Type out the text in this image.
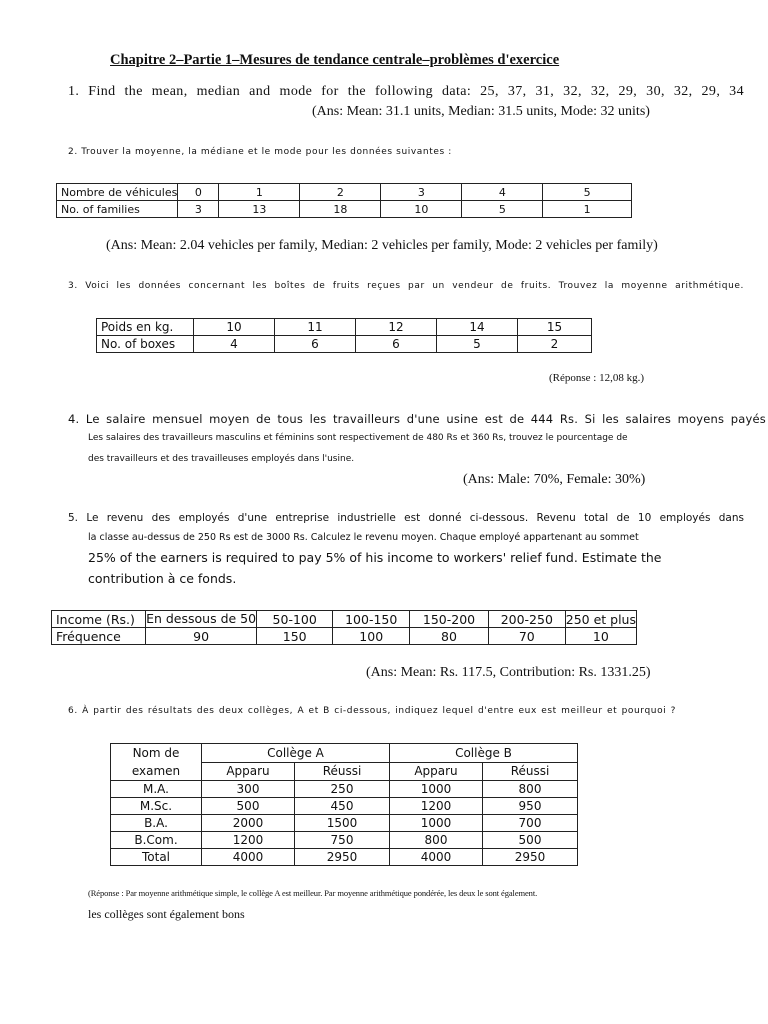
Chapitre 2–Partie 1–Mesures de tendance centrale–problèmes d'exercice
1. Find the mean, median and mode for the following data: 25, 37, 31, 32, 32, 29, 30, 32, 29, 34
(Ans: Mean: 31.1 units, Median: 31.5 units, Mode: 32 units)
2. Trouver la moyenne, la médiane et le mode pour les données suivantes :
Nombre de véhicules	0	1	2	3	4	5
No. of families	3	13	18	10	5	1
(Ans: Mean: 2.04 vehicles per family, Median: 2 vehicles per family, Mode: 2 vehicles per family)
3. Voici les données concernant les boîtes de fruits reçues par un vendeur de fruits. Trouvez la moyenne arithmétique.
Poids en kg.	10	11	12	14	15
No. of boxes	4	6	6	5	2
(Réponse : 12,08 kg.)
4. Le salaire mensuel moyen de tous les travailleurs d'une usine est de 444 Rs. Si les salaires moyens payés
Les salaires des travailleurs masculins et féminins sont respectivement de 480 Rs et 360 Rs, trouvez le pourcentage de
des travailleurs et des travailleuses employés dans l'usine.
(Ans: Male: 70%, Female: 30%)
5. Le revenu des employés d'une entreprise industrielle est donné ci-dessous. Revenu total de 10 employés dans
la classe au-dessus de 250 Rs est de 3000 Rs. Calculez le revenu moyen. Chaque employé appartenant au sommet
25% of the earners is required to pay 5% of his income to workers' relief fund. Estimate the
contribution à ce fonds.
Income (Rs.)	En dessous de 50	50-100	100-150	150-200	200-250	250 et plus
Fréquence	90	150	100	80	70	10
(Ans: Mean: Rs. 117.5, Contribution: Rs. 1331.25)
6. À partir des résultats des deux collèges, A et B ci-dessous, indiquez lequel d'entre eux est meilleur et pourquoi ?
Nom de
examen	Collège A		Collège B	
	Apparu	Réussi	Apparu	Réussi
M.A.	300	250	1000	800
M.Sc.	500	450	1200	950
B.A.	2000	1500	1000	700
B.Com.	1200	750	800	500
Total	4000	2950	4000	2950
(Réponse : Par moyenne arithmétique simple, le collège A est meilleur. Par moyenne arithmétique pondérée, les deux le sont également.
les collèges sont également bons
